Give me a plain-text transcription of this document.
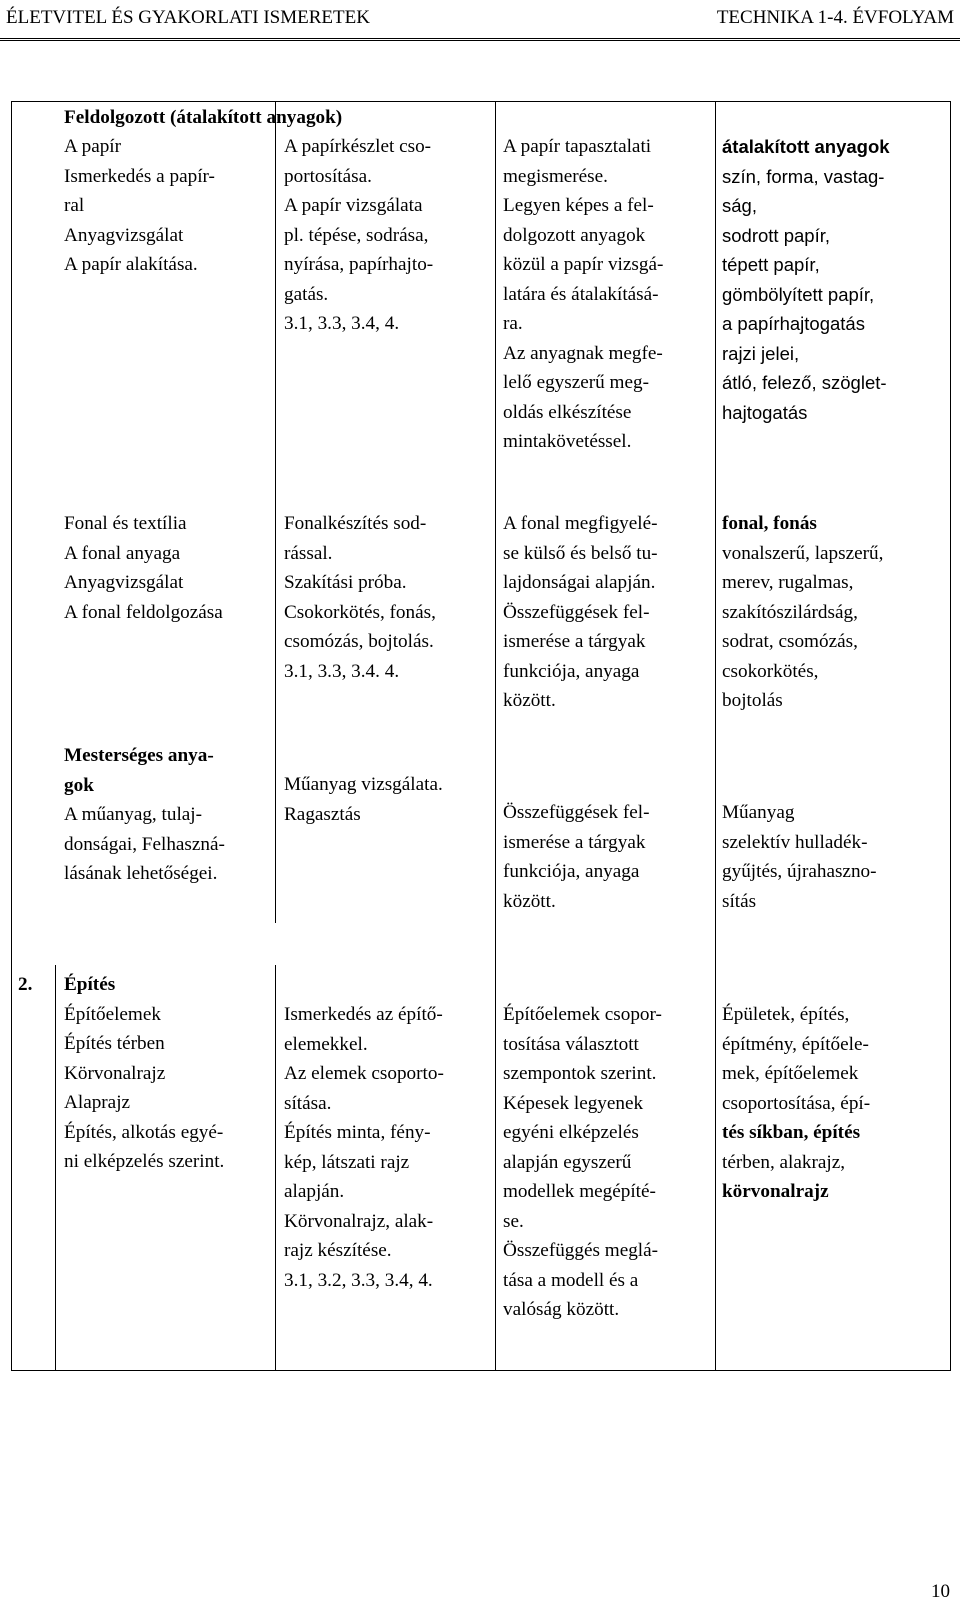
ÉLETVITEL ÉS GYAKORLATI ISMERETEK	TECHNIKA 1-4. ÉVFOLYAM
Feldolgozott (átalakított anyagok)
A papír
Ismerkedés a papír-
ral
Anyagvizsgálat
A papír alakítása.
A papírkészlet cso-
portosítása.
A papír vizsgálata
pl. tépése, sodrása,
nyírása, papírhajto-
gatás.
3.1, 3.3, 3.4, 4.
A papír tapasztalati
megismerése.
Legyen képes a fel-
dolgozott anyagok
közül a papír vizsgá-
latára és átalakításá-
ra.
Az anyagnak megfe-
lelő egyszerű meg-
oldás elkészítése
mintakövetéssel.
átalakított anyagok
szín, forma, vastag-
ság,
sodrott papír,
tépett papír,
gömbölyített papír,
a papírhajtogatás
rajzi jelei,
átló, felező, szöglet-
hajtogatás
Fonal és textília
A fonal anyaga
Anyagvizsgálat
A fonal feldolgozása
Fonalkészítés sod-
rással.
Szakítási próba.
Csokorkötés, fonás,
csomózás, bojtolás.
3.1, 3.3, 3.4. 4.
A fonal megfigyelé-
se külső és belső tu-
lajdonságai alapján.
Összefüggések fel-
ismerése a tárgyak
funkciója, anyaga
között.
fonal, fonás
vonalszerű, lapszerű,
merev, rugalmas,
szakítószilárdság,
sodrat, csomózás,
csokorkötés,
bojtolás
Mesterséges anya-
gok
A műanyag, tulaj-
donságai, Felhaszná-
lásának lehetőségei.
Műanyag vizsgálata.
Ragasztás	Összefüggések fel-
ismerése a tárgyak
funkciója, anyaga
között.
Műanyag
szelektív hulladék-
gyűjtés, újrahaszno-
sítás
2. Építés
Építőelemek
Építés térben
Körvonalrajz
Alaprajz
Építés, alkotás egyé-
ni elképzelés szerint.
Ismerkedés az építő-
elemekkel.
Az elemek csoporto-
sítása.
Építés minta, fény-
kép, látszati rajz
alapján.
Körvonalrajz, alak-
rajz készítése.
3.1, 3.2, 3.3, 3.4, 4.
Építőelemek csopor-
tosítása választott
szempontok szerint.
Képesek legyenek
egyéni elképzelés
alapján egyszerű
modellek megépíté-
se.
Összefüggés meglá-
tása a modell és a
valóság között.
Épületek, építés,
építmény, építőele-
mek, építőelemek
csoportosítása, épí-
tés síkban, építés
térben, alakrajz,
körvonalrajz
10
